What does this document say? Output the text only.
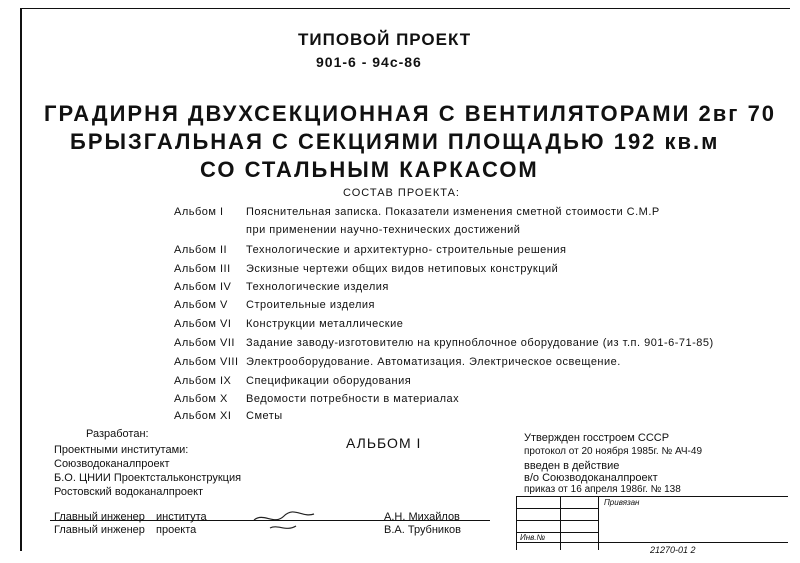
ТИПОВОЙ ПРОЕКТ
901-6 - 94с-86
ГРАДИРНЯ ДВУХСЕКЦИОННАЯ С ВЕНТИЛЯТОРАМИ 2вг 70
БРЫЗГАЛЬНАЯ С СЕКЦИЯМИ ПЛОЩАДЬЮ 192 кв.м
СО СТАЛЬНЫМ КАРКАСОМ
СОСТАВ ПРОЕКТА:
Альбом I Пояснительная записка. Показатели изменения сметной стоимости С.М.Р
при применении научно-технических достижений
Альбом II Технологические и архитектурно- строительные решения
Альбом III Эскизные чертежи общих видов нетиповых конструкций
Альбом IV Технологические изделия
Альбом V Строительные изделия
Альбом VI Конструкции металлические
Альбом VII Задание заводу-изготовителю на крупноблочное оборудование (из т.п. 901-6-71-85)
Альбом VIII Электрооборудование. Автоматизация. Электрическое освещение.
Альбом IX Спецификации оборудования
Альбом X Ведомости потребности в материалах
Альбом XI Сметы
Разработан:
Проектными институтами:
Союзводоканалпроект
Б.О. ЦНИИ Проектстальконструкция
Ростовский водоканалпроект
АЛЬБОМ I	Утвержден госстроем СССР
протокол от 20 ноября 1985г. № АЧ-49
введен в действие
в/о Союзводоканалпроект
приказ от 16 апреля 1986г. № 138
Главный инженер института	А.Н. Михайлов
Главный инженер проекта	В.А. Трубников
Привязан
Инв.№
21270-01 2
